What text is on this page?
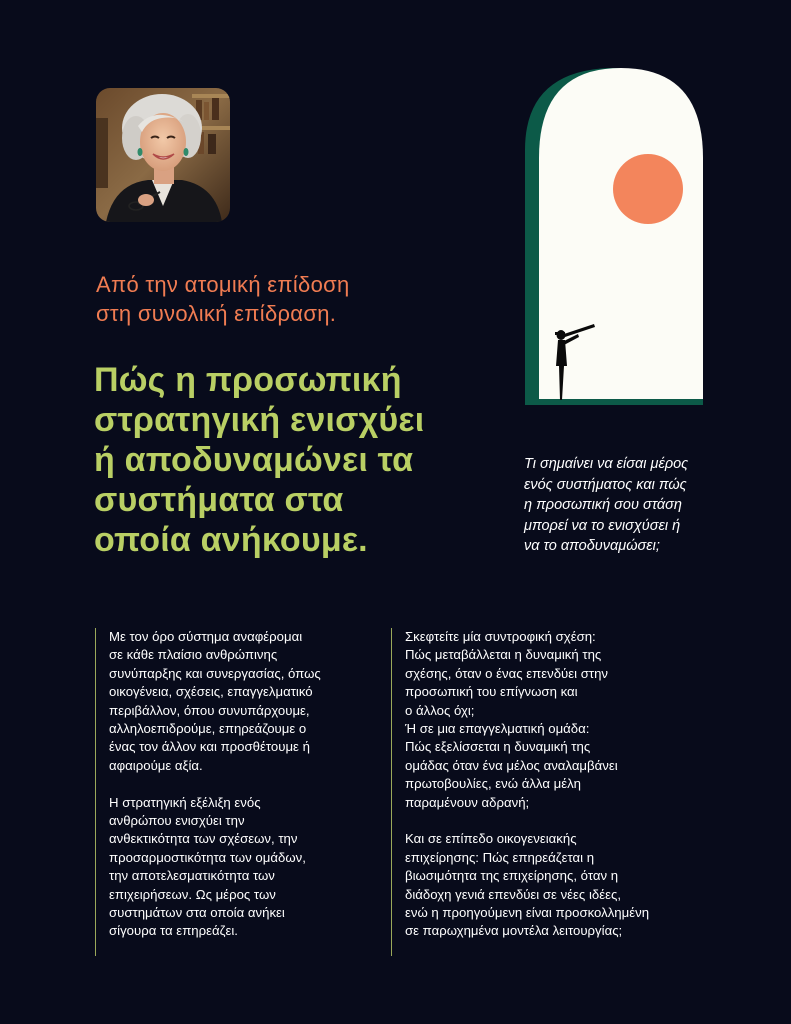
Από την ατομική επίδοση
στη συνολική επίδραση.
Πώς η προσωπική
στρατηγική ενισχύει
ή αποδυναμώνει τα
συστήματα στα
οποία ανήκουμε.
Τι σημαίνει να είσαι μέρος
ενός συστήματος και πώς
η προσωπική σου στάση
μπορεί να το ενισχύσει ή
να το αποδυναμώσει;
Με τον όρο σύστημα αναφέρομαι
σε κάθε πλαίσιο ανθρώπινης
συνύπαρξης και συνεργασίας, όπως
οικογένεια, σχέσεις, επαγγελματικό
περιβάλλον, όπου συνυπάρχουμε,
αλληλοεπιδρούμε, επηρεάζουμε ο
ένας τον άλλον και προσθέτουμε ή
αφαιρούμε αξία.
Η στρατηγική εξέλιξη ενός
ανθρώπου ενισχύει την
ανθεκτικότητα των σχέσεων, την
προσαρμοστικότητα των ομάδων,
την αποτελεσματικότητα των
επιχειρήσεων. Ως μέρος των
συστημάτων στα οποία ανήκει
σίγουρα τα επηρεάζει.
Σκεφτείτε μία συντροφική σχέση:
Πώς μεταβάλλεται η δυναμική της
σχέσης, όταν ο ένας επενδύει στην
προσωπική του επίγνωση και
ο άλλος όχι;
Ή σε μια επαγγελματική ομάδα:
Πώς εξελίσσεται η δυναμική της
ομάδας όταν ένα μέλος αναλαμβάνει
πρωτοβουλίες, ενώ άλλα μέλη
παραμένουν αδρανή;
Και σε επίπεδο οικογενειακής
επιχείρησης: Πώς επηρεάζεται η
βιωσιμότητα της επιχείρησης, όταν η
διάδοχη γενιά επενδύει σε νέες ιδέες,
ενώ η προηγούμενη είναι προσκολλημένη
σε παρωχημένα μοντέλα λειτουργίας;
